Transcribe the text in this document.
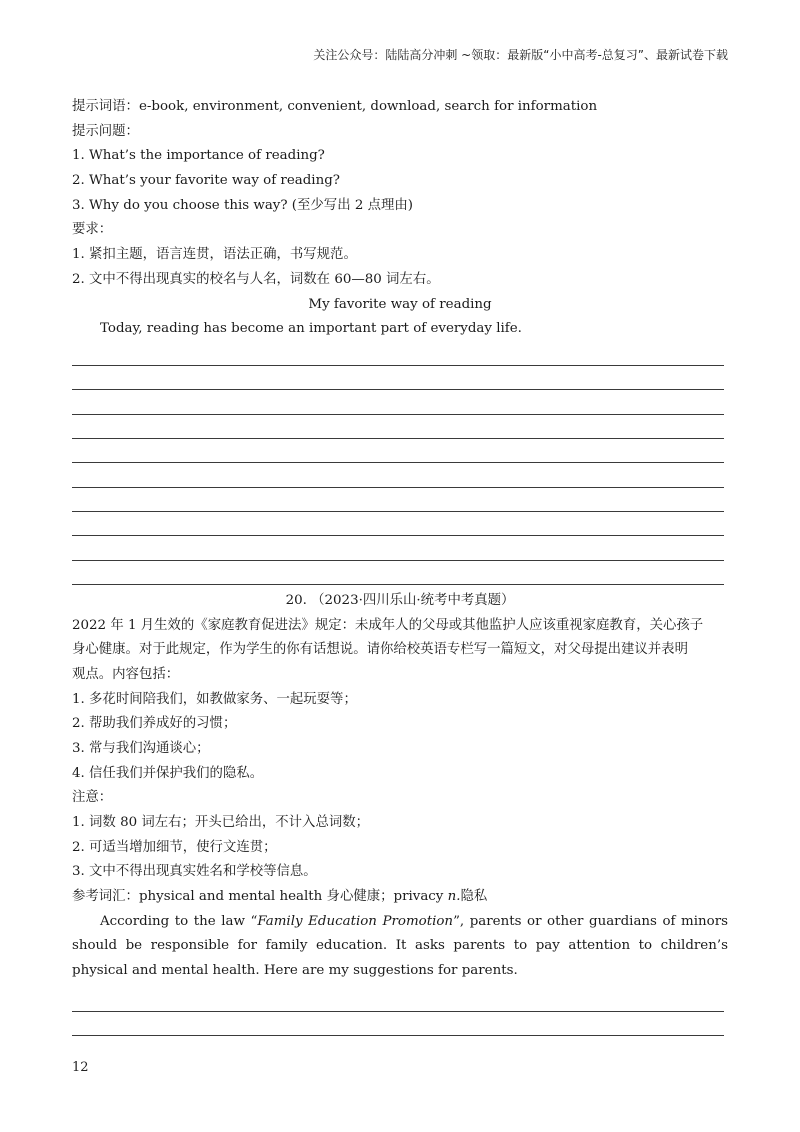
关注公众号：陆陆高分冲刺 ~领取：最新版“小中高考-总复习”、最新试卷下载
提示词语：e-book, environment, convenient, download, search for information
提示问题：
1. What’s the importance of reading?
2. What’s your favorite way of reading?
3. Why do you choose this way? (至少写出 2 点理由)
要求：
1. 紧扣主题，语言连贯，语法正确，书写规范。
2. 文中不得出现真实的校名与人名，词数在 60—80 词左右。
My favorite way of reading
Today, reading has become an important part of everyday life.
20. （2023·四川乐山·统考中考真题）
2022 年 1 月生效的《家庭教育促进法》规定：未成年人的父母或其他监护人应该重视家庭教育，关心孩子
身心健康。对于此规定，作为学生的你有话想说。请你给校英语专栏写一篇短文，对父母提出建议并表明
观点。内容包括：
1. 多花时间陪我们，如教做家务、一起玩耍等；
2. 帮助我们养成好的习惯；
3. 常与我们沟通谈心；
4. 信任我们并保护我们的隐私。
注意：
1. 词数 80 词左右；开头已给出，不计入总词数；
2. 可适当增加细节，使行文连贯；
3. 文中不得出现真实姓名和学校等信息。
参考词汇：physical and mental health 身心健康；privacy n.隐私
According to the law “Family Education Promotion”, parents or other guardians of minors should be responsible for family education. It asks parents to pay attention to children’s physical and mental health. Here are my suggestions for parents.
12
